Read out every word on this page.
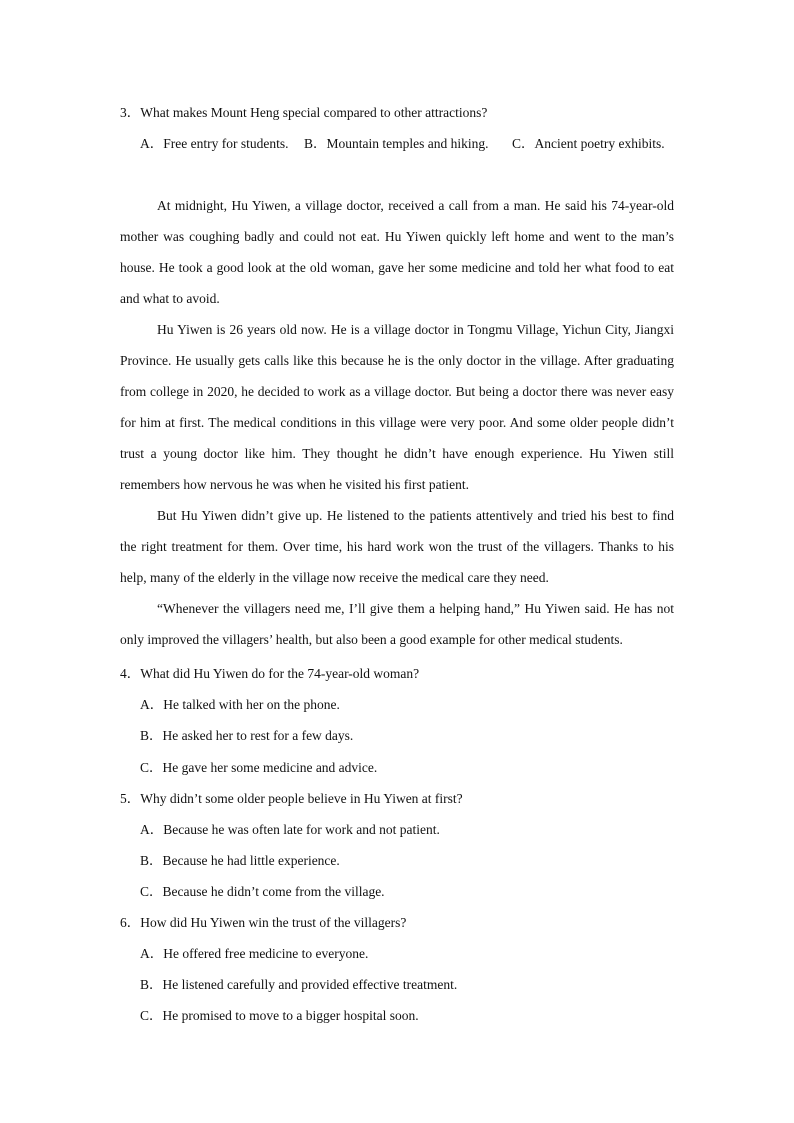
3．What makes Mount Heng special compared to other attractions?
A．Free entry for students. B．Mountain temples and hiking. C．Ancient poetry exhibits.

At midnight, Hu Yiwen, a village doctor, received a call from a man. He said his 74-year-old mother was coughing badly and could not eat. Hu Yiwen quickly left home and went to the man’s house. He took a good look at the old woman, gave her some medicine and told her what food to eat and what to avoid.

Hu Yiwen is 26 years old now. He is a village doctor in Tongmu Village, Yichun City, Jiangxi Province. He usually gets calls like this because he is the only doctor in the village. After graduating from college in 2020, he decided to work as a village doctor. But being a doctor there was never easy for him at first. The medical conditions in this village were very poor. And some older people didn’t trust a young doctor like him. They thought he didn’t have enough experience. Hu Yiwen still remembers how nervous he was when he visited his first patient.

But Hu Yiwen didn’t give up. He listened to the patients attentively and tried his best to find the right treatment for them. Over time, his hard work won the trust of the villagers. Thanks to his help, many of the elderly in the village now receive the medical care they need.

“Whenever the villagers need me, I’ll give them a helping hand,” Hu Yiwen said. He has not only improved the villagers’ health, but also been a good example for other medical students.

4．What did Hu Yiwen do for the 74-year-old woman?
A．He talked with her on the phone.
B．He asked her to rest for a few days.
C．He gave her some medicine and advice.
5．Why didn’t some older people believe in Hu Yiwen at first?
A．Because he was often late for work and not patient.
B．Because he had little experience.
C．Because he didn’t come from the village.
6．How did Hu Yiwen win the trust of the villagers?
A．He offered free medicine to everyone.
B．He listened carefully and provided effective treatment.
C．He promised to move to a bigger hospital soon.
